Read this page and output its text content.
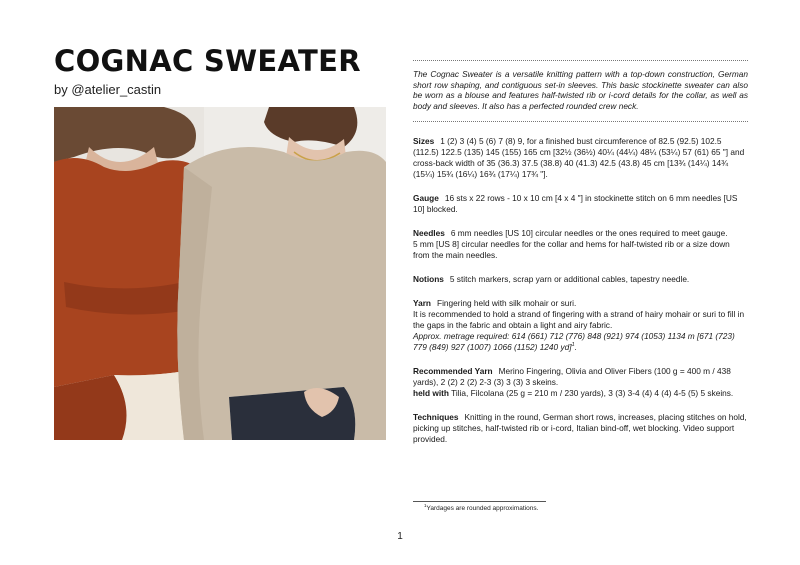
COGNAC SWEATER
by @atelier_castin

The Cognac Sweater is a versatile knitting pattern with a top-down construction, German short row shaping, and contiguous set-in sleeves. This basic stockinette sweater can also be worn as a blouse and features half-twisted rib or i-cord details for the collar, as well as body and sleeves. It also has a perfected rounded crew neck.

Sizes 1 (2) 3 (4) 5 (6) 7 (8) 9, for a finished bust circumference of 82.5 (92.5) 102.5 (112.5) 122.5 (135) 145 (155) 165 cm [32½ (36½) 40¼ (44¼) 48¼ (53¼) 57 (61) 65 "] and cross-back width of 35 (36.3) 37.5 (38.8) 40 (41.3) 42.5 (43.8) 45 cm [13¾ (14¼) 14¾ (15¼) 15¾ (16¼) 16¾ (17¼) 17¾ "].

Gauge 16 sts x 22 rows - 10 x 10 cm [4 x 4 "] in stockinette stitch on 6 mm needles [US 10] blocked.

Needles 6 mm needles [US 10] circular needles or the ones required to meet gauge.

5 mm [US 8] circular needles for the collar and hems for half-twisted rib or a size down from the main needles.

Notions 5 stitch markers, scrap yarn or additional cables, tapestry needle.

Yarn Fingering held with silk mohair or suri.

It is recommended to hold a strand of fingering with a strand of hairy mohair or suri to fill in the gaps in the fabric and obtain a light and airy fabric.

Approx. metrage required: 614 (661) 712 (776) 848 (921) 974 (1053) 1134 m [671 (723) 779 (849) 927 (1007) 1066 (1152) 1240 yd]$^1$.

Recommended Yarn Merino Fingering, Olivia and Oliver Fibers (100 g = 400 m / 438 yards), 2 (2) 2 (2) 2-3 (3) 3 (3) 3 skeins.

held with Tilia, Filcolana (25 g = 210 m / 230 yards), 3 (3) 3-4 (4) 4 (4) 4-5 (5) 5 skeins.

Techniques Knitting in the round, German short rows, increases, placing stitches on hold, picking up stitches, half-twisted rib or i-cord, Italian bind-off, wet blocking. Video support provided.

$^1$Yardages are rounded approximations.
1
